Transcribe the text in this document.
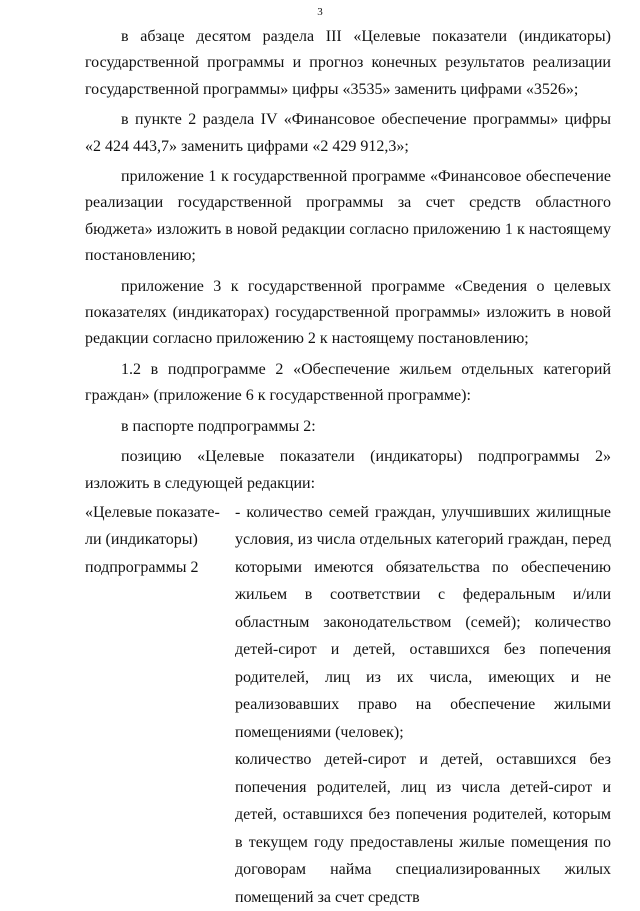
3

в абзаце десятом раздела III «Целевые показатели (индикаторы) государственной программы и прогноз конечных результатов реализации государственной программы» цифры «3535» заменить цифрами «3526»;

в пункте 2 раздела IV «Финансовое обеспечение программы» цифры «2 424 443,7» заменить цифрами «2 429 912,3»;

приложение 1 к государственной программе «Финансовое обеспечение реализации государственной программы за счет средств областного бюджета» изложить в новой редакции согласно приложению 1 к настоящему постановлению;

приложение 3 к государственной программе «Сведения о целевых показателях (индикаторах) государственной программы» изложить в новой редакции согласно приложению 2 к настоящему постановлению;

1.2 в подпрограмме 2 «Обеспечение жильем отдельных категорий граждан» (приложение 6 к государственной программе):

в паспорте подпрограммы 2:

позицию «Целевые показатели (индикаторы) подпрограммы 2» изложить в следующей редакции:

«Целевые показате-
ли (индикаторы)
подпрограммы 2

- количество семей граждан, улучшивших жилищные условия, из числа отдельных категорий граждан, перед которыми имеются обязательства по обеспечению жильем в соответствии с федеральным и/или областным законодательством (семей); количество детей-сирот и детей, оставшихся без попечения родителей, лиц из их числа, имеющих и не реализовавших право на обеспечение жилыми помещениями (человек);

количество детей-сирот и детей, оставшихся без попечения родителей, лиц из числа детей-сирот и детей, оставшихся без попечения родителей, которым в текущем году предоставлены жилые помещения по договорам найма специализированных жилых помещений за счет средств
